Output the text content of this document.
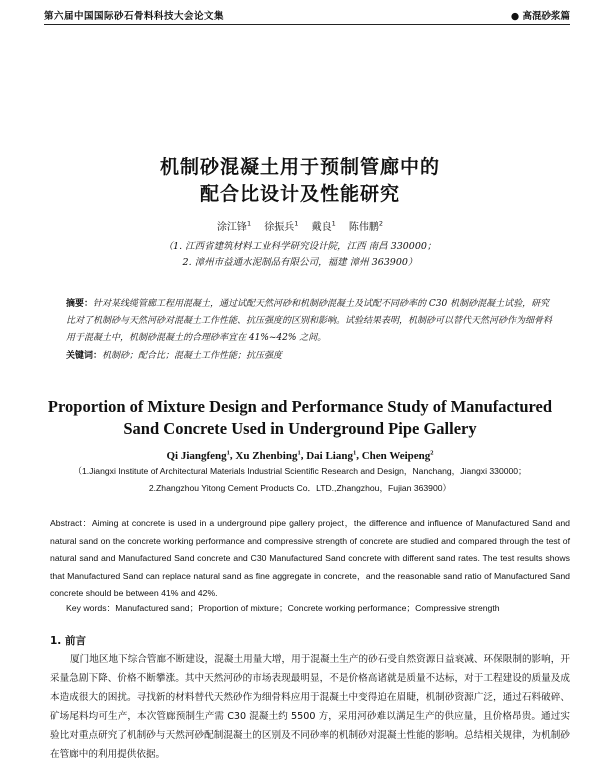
第六届中国国际砂石骨料科技大会论文集	● 高混砂浆篇
机制砂混凝土用于预制管廊中的
配合比设计及性能研究
涂江锋$^1$ 徐振兵$^1$ 戴良$^1$ 陈伟鹏$^2$
（1. 江西省建筑材料工业科学研究设计院，江西 南昌 330000；
2. 漳州市益通水泥制品有限公司，福建 漳州 363900）
摘要：针对某线缆管廊工程用混凝土，通过试配天然河砂和机制砂混凝土及试配不同砂率的 C30 机制砂混凝土试验，研究比对了机制砂与天然河砂对混凝土工作性能、抗压强度的区别和影响。试验结果表明，机制砂可以替代天然河砂作为细骨料用于混凝土中，机制砂混凝土的合理砂率宜在 41%~42% 之间。
关键词：机制砂；配合比；混凝土工作性能；抗压强度
Proportion of Mixture Design and Performance Study of Manufactured
Sand Concrete Used in Underground Pipe Gallery
Qi Jiangfeng$^1$, Xu Zhenbing$^1$, Dai Liang$^1$, Chen Weipeng$^2$
（1.Jiangxi Institute of Architectural Materials Industrial Scientific Research and Design，Nanchang，Jiangxi 330000；
2.Zhangzhou Yitong Cement Products Co．LTD.,Zhangzhou，Fujian 363900）
Abstract：Aiming at concrete is used in a underground pipe gallery project，the difference and influence of Manufactured Sand and natural sand on the concrete working performance and compressive strength of concrete are studied and compared through the test of natural sand and Manufactured Sand concrete and C30 Manufactured Sand concrete with different sand rates. The test results shows that Manufactured Sand can replace natural sand as fine aggregate in concrete，and the reasonable sand ratio of Manufactured Sand concrete should be between 41% and 42%.
Key words：Manufactured sand；Proportion of mixture；Concrete working performance；Compressive strength
1. 前言
厦门地区地下综合管廊不断建设，混凝土用量大增，用于混凝土生产的砂石受自然资源日益衰减、环保限制的影响，开采量急剧下降、价格不断攀涨。其中天然河砂的市场表现最明显，不是价格高诸就是质量不达标，对于工程建设的质量及成本造成很大的困扰。寻找新的材料替代天然砂作为细骨料应用于混凝土中变得迫在眉睫，机制砂资源广泛，通过石料破碎、矿场尾料均可生产，本次管廊预制生产需 C30 混凝土约 5500 方，采用河砂难以满足生产的供应量，且价格昂贵。通过实验比对重点研究了机制砂与天然河砂配制混凝土的区别及不同砂率的机制砂对混凝土性能的影响。总结相关规律，为机制砂在管廊中的利用提供依据。
